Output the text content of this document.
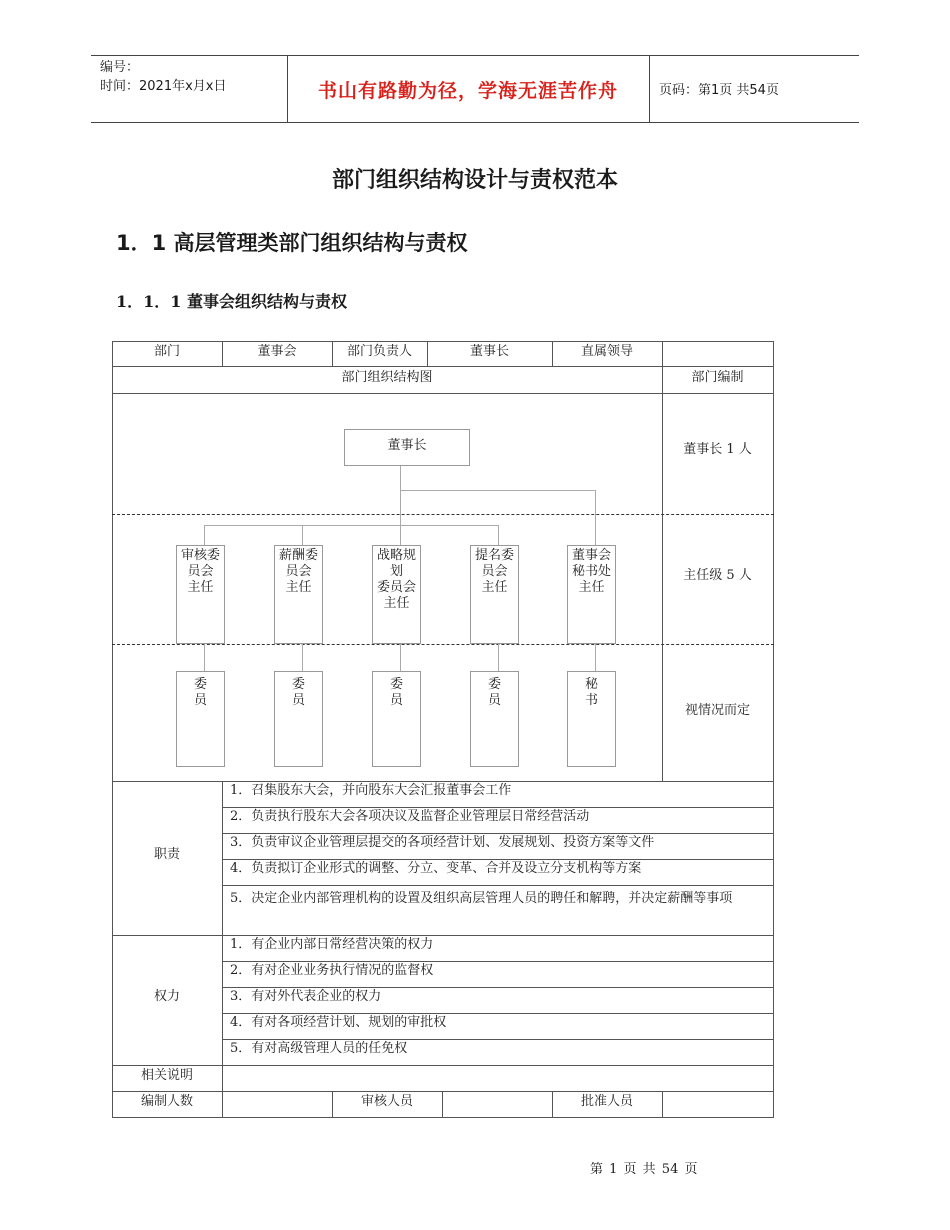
编号：
时间：2021年x月x日	书山有路勤为径，学海无涯苦作舟	页码：第1页 共54页
部门组织结构设计与责权范本
1．1 高层管理类部门组织结构与责权
1．1．1 董事会组织结构与责权
部门	董事会	部门负责人	董事长	直属领导
部门组织结构图	部门编制
董事长
审核委
员会
主任
薪酬委
员会
主任
战略规
划
委员会
主任
提名委
员会
主任
董事会
秘书处
主任
委
员
委
员
委
员
委
员
秘
书
董事长 1 人
主任级 5 人
视情况而定
职责
1．召集股东大会，并向股东大会汇报董事会工作
2．负责执行股东大会各项决议及监督企业管理层日常经营活动
3．负责审议企业管理层提交的各项经营计划、发展规划、投资方案等文件
4．负责拟订企业形式的调整、分立、变革、合并及设立分支机构等方案
5．决定企业内部管理机构的设置及组织高层管理人员的聘任和解聘，并决定薪酬等事项
权力
1．有企业内部日常经营决策的权力
2．有对企业业务执行情况的监督权
3．有对外代表企业的权力
4．有对各项经营计划、规划的审批权
5．有对高级管理人员的任免权
相关说明
编制人数	审核人员	批准人员
第 1 页 共 54 页
